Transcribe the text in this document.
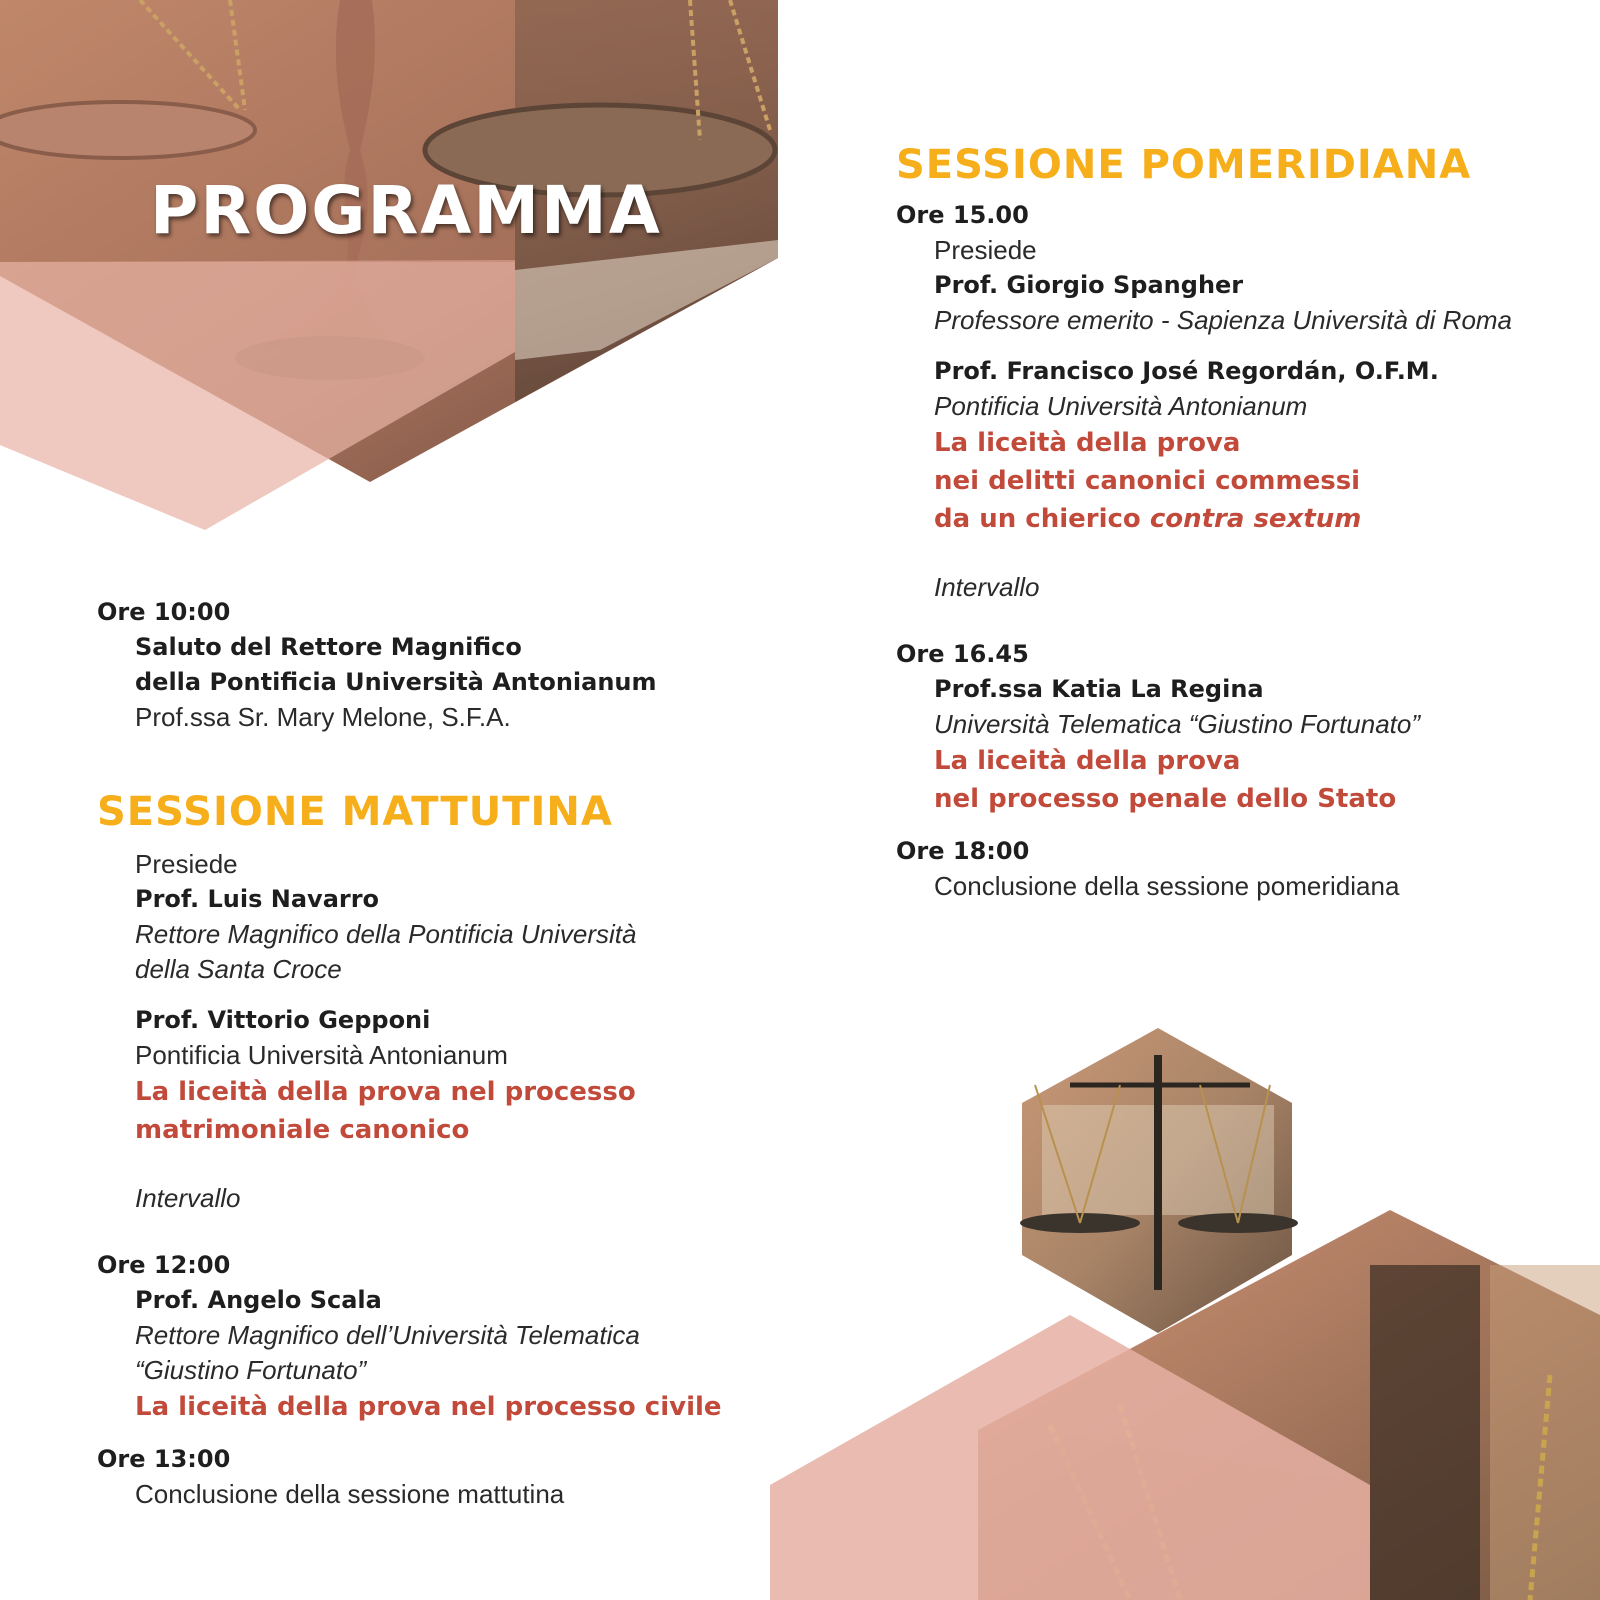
PROGRAMMA
Ore 10:00
Saluto del Rettore Magnifico
della Pontificia Università Antonianum
Prof.ssa Sr. Mary Melone, S.F.A.
SESSIONE MATTUTINA
Presiede
Prof. Luis Navarro
Rettore Magnifico della Pontificia Università
della Santa Croce
Prof. Vittorio Gepponi
Pontificia Università Antonianum
La liceità della prova nel processo
matrimoniale canonico
Intervallo
Ore 12:00
Prof. Angelo Scala
Rettore Magnifico dell’Università Telematica
“Giustino Fortunato”
La liceità della prova nel processo civile
Ore 13:00
Conclusione della sessione mattutina
SESSIONE POMERIDIANA
Ore 15.00
Presiede
Prof. Giorgio Spangher
Professore emerito - Sapienza Università di Roma
Prof. Francisco José Regordán, O.F.M.
Pontificia Università Antonianum
La liceità della prova
nei delitti canonici commessi
da un chierico contra sextum
Intervallo
Ore 16.45
Prof.ssa Katia La Regina
Università Telematica “Giustino Fortunato”
La liceità della prova
nel processo penale dello Stato
Ore 18:00
Conclusione della sessione pomeridiana
